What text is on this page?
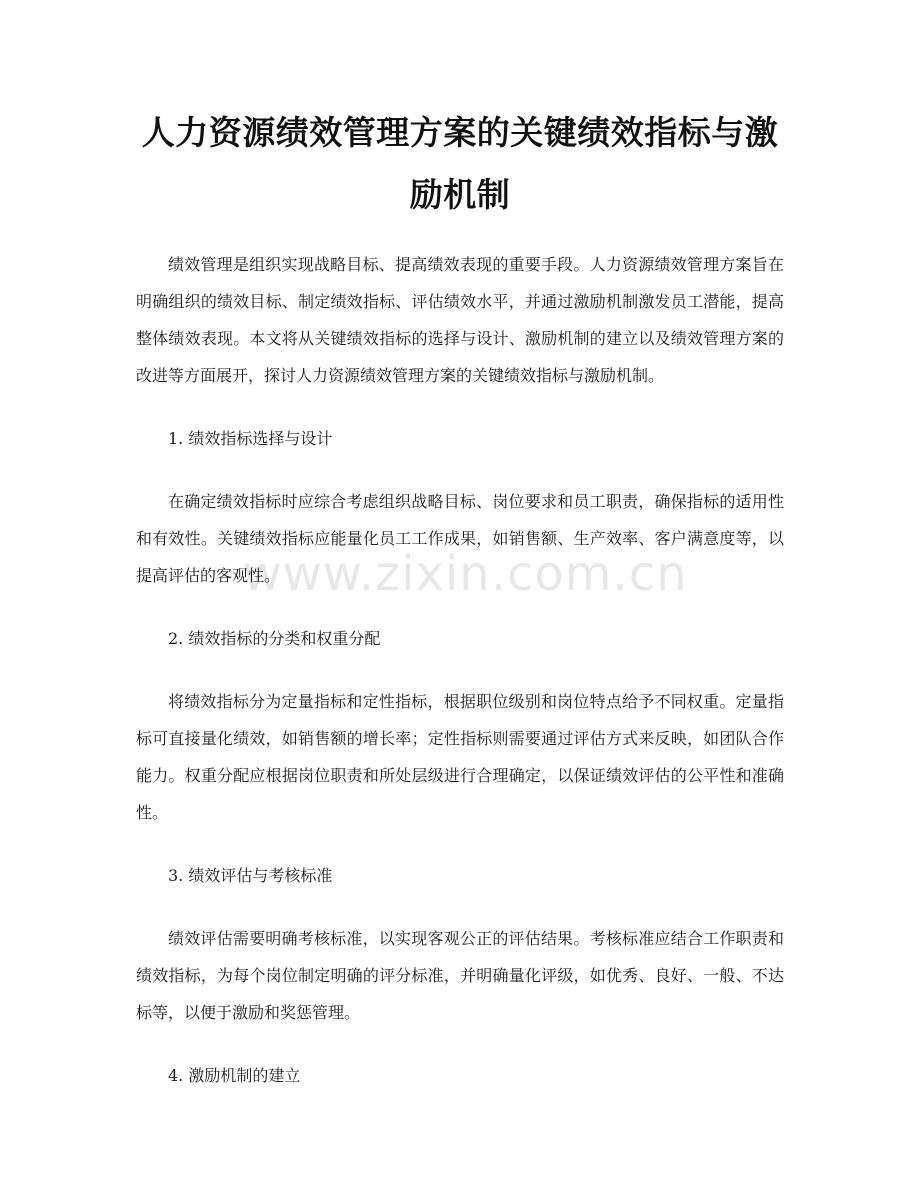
人力资源绩效管理方案的关键绩效指标与激励机制

绩效管理是组织实现战略目标、提高绩效表现的重要手段。人力资源绩效管理方案旨在明确组织的绩效目标、制定绩效指标、评估绩效水平，并通过激励机制激发员工潜能，提高整体绩效表现。本文将从关键绩效指标的选择与设计、激励机制的建立以及绩效管理方案的改进等方面展开，探讨人力资源绩效管理方案的关键绩效指标与激励机制。

1. 绩效指标选择与设计

在确定绩效指标时应综合考虑组织战略目标、岗位要求和员工职责，确保指标的适用性和有效性。关键绩效指标应能量化员工工作成果，如销售额、生产效率、客户满意度等，以提高评估的客观性。

2. 绩效指标的分类和权重分配

将绩效指标分为定量指标和定性指标，根据职位级别和岗位特点给予不同权重。定量指标可直接量化绩效，如销售额的增长率；定性指标则需要通过评估方式来反映，如团队合作能力。权重分配应根据岗位职责和所处层级进行合理确定，以保证绩效评估的公平性和准确性。

3. 绩效评估与考核标准

绩效评估需要明确考核标准，以实现客观公正的评估结果。考核标准应结合工作职责和绩效指标，为每个岗位制定明确的评分标准，并明确量化评级，如优秀、良好、一般、不达标等，以便于激励和奖惩管理。

4. 激励机制的建立
www.zixin.com.cn
